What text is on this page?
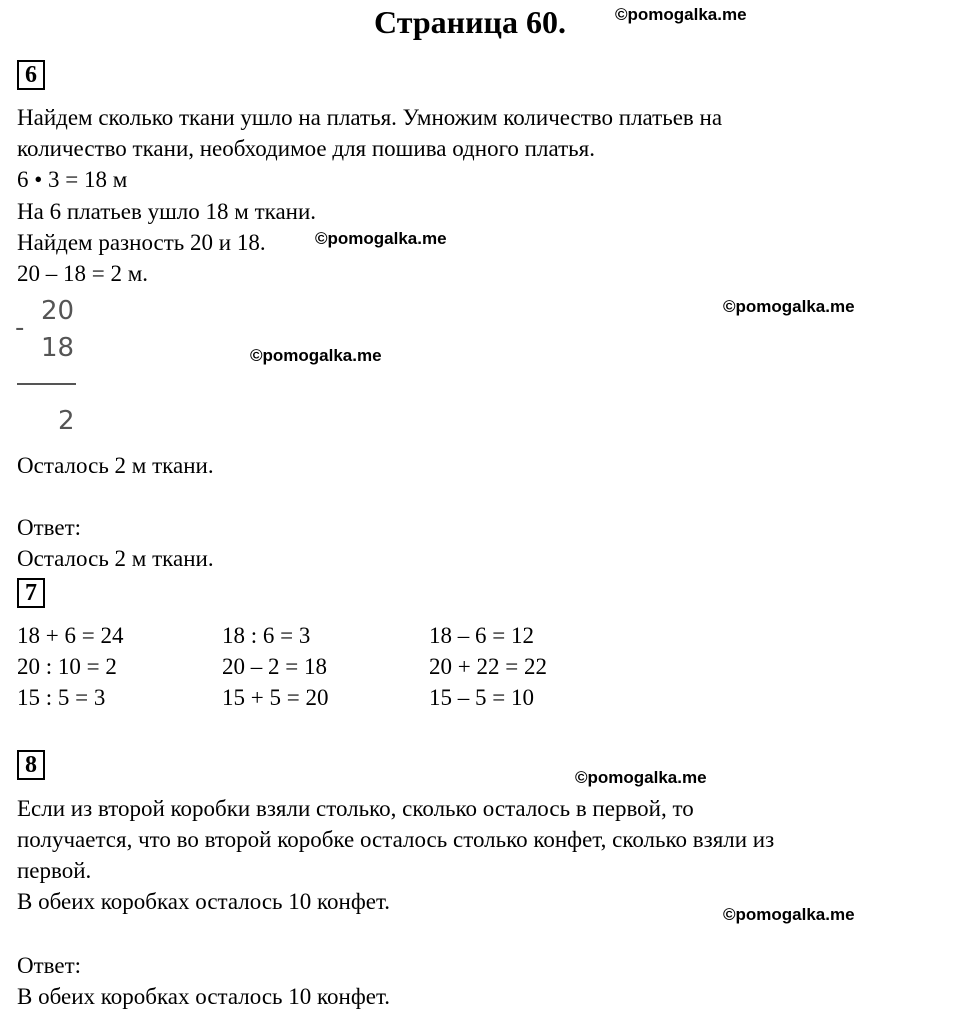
Страница 60.	©pomogalka.me
©pomogalka.me
©pomogalka.me
©pomogalka.me
©pomogalka.me
©pomogalka.me
6
Найдем сколько ткани ушло на платья. Умножим количество платьев на
количество ткани, необходимое для пошива одного платья.
6 • 3 = 18 м
На 6 платьев ушло 18 м ткани.
Найдем разность 20 и 18.
20 – 18 = 2 м.
-
20
18
2
Осталось 2 м ткани.
Ответ:
Осталось 2 м ткани.
7
18 + 6 = 24
20 : 10 = 2
15 : 5 = 3
18 : 6 = 3
20 – 2 = 18
15 + 5 = 20
18 – 6 = 12
20 + 22 = 22
15 – 5 = 10
8
Если из второй коробки взяли столько, сколько осталось в первой, то
получается, что во второй коробке осталось столько конфет, сколько взяли из
первой.
В обеих коробках осталось 10 конфет.
Ответ:
В обеих коробках осталось 10 конфет.
